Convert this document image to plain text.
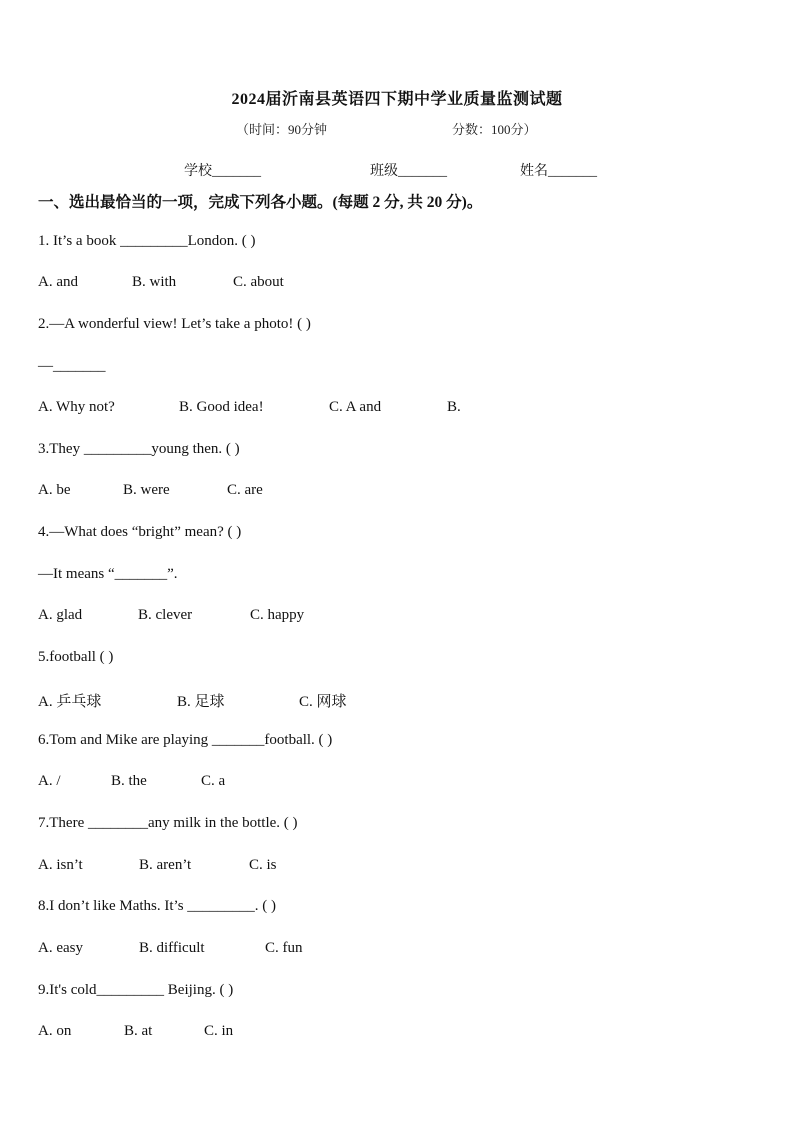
2024届沂南县英语四下期中学业质量监测试题
（时间：90分钟	分数：100分）
学校_______	班级_______	姓名_______
一、选出最恰当的一项，完成下列各小题。(每题 2 分, 共 20 分)。
1. It’s a book _________London. ( )
A. and	B. with	C. about
2.—A wonderful view! Let’s take a photo! ( )
—_______
A. Why not?	B. Good idea!	C. A and	B.
3.They _________young then. ( )
A. be	B. were	C. are
4.—What does “bright” mean? ( )
—It means “_______”.
A. glad	B. clever	C. happy
5.football ( )
A. 乒乓球	B. 足球	C. 网球
6.Tom and Mike are playing _______football. ( )
A. /	B. the	C. a
7.There ________any milk in the bottle. ( )
A. isn’t	B. aren’t	C. is
8.I don’t like Maths. It’s _________. ( )
A. easy	B. difficult	C. fun
9.It's cold_________ Beijing. ( )
A. on	B. at	C. in
